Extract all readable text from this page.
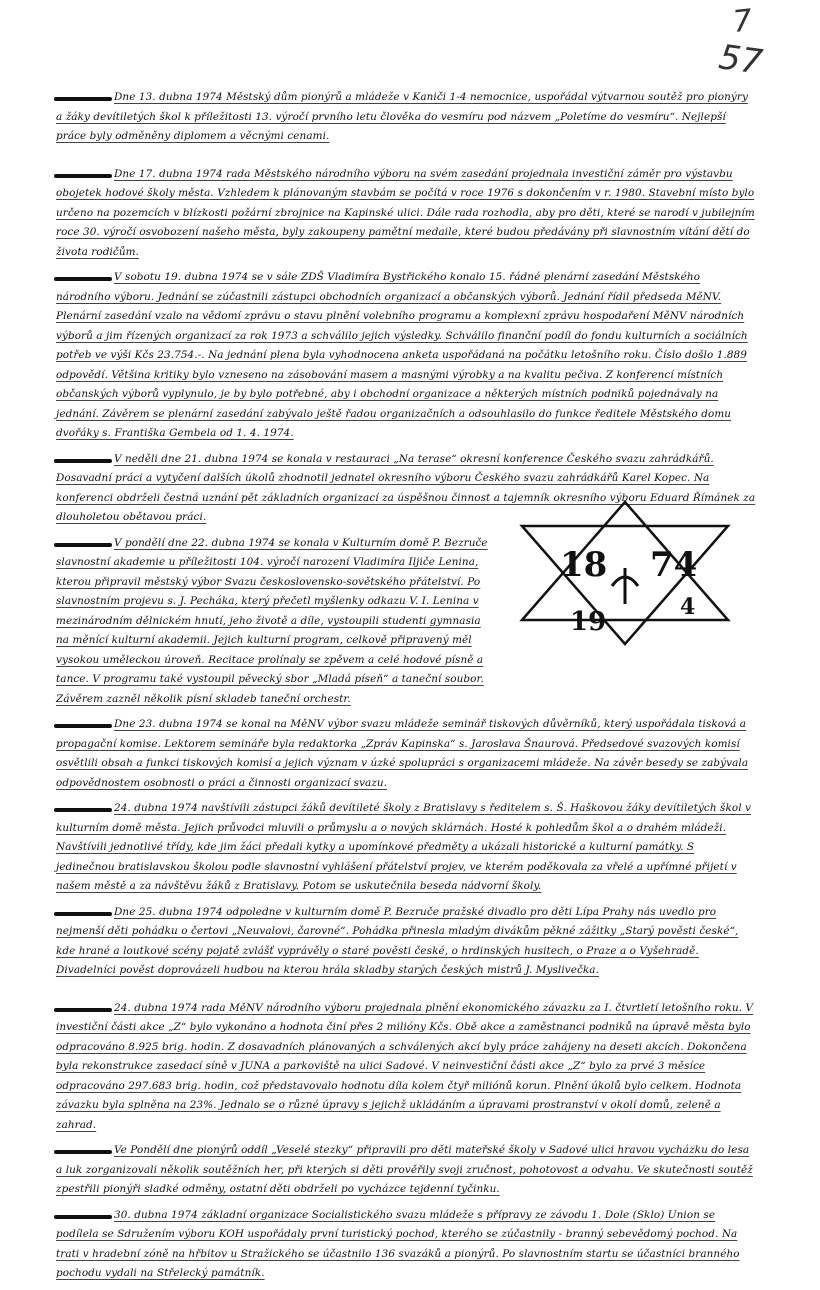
7
57
Dne 13. dubna 1974 Městský dům pionýrů a mládeže v Kaniči 1-4 nemocnice, uspořádal výtvarnou soutěž pro pionýry a žáky devítiletých škol k příležitosti 13. výročí prvního letu člověka do vesmíru pod názvem „Poletíme do vesmíru“. Nejlepší práce byly odměněny diplomem a věcnými cenami.
Dne 17. dubna 1974 rada Městského národního výboru na svém zasedání projednala investiční záměr pro výstavbu obojetek hodové školy města. Vzhledem k plánovaným stavbám se počítá v roce 1976 s dokončením v r. 1980. Stavební místo bylo určeno na pozemcích v blízkosti požární zbrojnice na Kapinské ulici. Dále rada rozhodla, aby pro děti, které se narodí v jubilejním roce 30. výročí osvobození našeho města, byly zakoupeny pamětní medaile, které budou předávány při slavnostním vítání dětí do života rodičům.
V sobotu 19. dubna 1974 se v sále ZDŠ Vladimíra Bystřického konalo 15. řádné plenární zasedání Městského národního výboru. Jednání se zúčastnili zástupci obchodních organizací a občanských výborů. Jednání řídil předseda MěNV. Plenární zasedání vzalo na vědomí zprávu o stavu plnění volebního programu a komplexní zprávu hospodaření MěNV národních výborů a jim řízených organizací za rok 1973 a schválilo jejich výsledky. Schválilo finanční podíl do fondu kulturních a sociálních potřeb ve výši Kčs 23.754.-. Na jednání plena byla vyhodnocena anketa uspořádaná na počátku letošního roku. Číslo došlo 1.889 odpovědí. Většina kritiky bylo vzneseno na zásobování masem a masnými výrobky a na kvalitu pečiva. Z konferencí místních občanských výborů vyplynulo, je by bylo potřebné, aby i obchodní organizace a některých místních podniků pojednávaly na jednání. Závěrem se plenární zasedání zabývalo ještě řadou organizačních a odsouhlasilo do funkce ředitele Městského domu dvořáky s. Františka Gembela od 1. 4. 1974.
V neděli dne 21. dubna 1974 se konala v restauraci „Na terase“ okresní konference Českého svazu zahrádkářů. Dosavadní práci a vytyčení dalších úkolů zhodnotil jednatel okresního výboru Českého svazu zahrádkářů Karel Kopec. Na konferenci obdrželi čestná uznání pět základních organizací za úspěšnou činnost a tajemník okresního výboru Eduard Římánek za dlouholetou obětavou práci.
V pondělí dne 22. dubna 1974 se konala v Kulturním domě P. Bezruče slavnostní akademie u příležitosti 104. výročí narození Vladimíra Iljiče Lenina, kterou připravil městský výbor Svazu československo-sovětského přátelství. Po slavnostním projevu s. J. Pecháka, který přečetl myšlenky odkazu V. I. Lenina v mezinárodním dělnickém hnutí, jeho životě a díle, vystoupili studenti gymnasia na měnící kulturní akademii. Jejich kulturní program, celkově připravený měl vysokou uměleckou úroveň. Recitace prolínaly se zpěvem a celé hodové písně a tance. V programu také vystoupil pěvecký sbor „Mladá píseň“ a taneční soubor. Závěrem zazněl několik písní skladeb taneční orchestr.
Dne 23. dubna 1974 se konal na MěNV výbor svazu mládeže seminář tiskových důvěrníků, který uspořádala tisková a propagační komise. Lektorem semináře byla redaktorka „Zpráv Kapinska“ s. Jaroslava Šnaurová. Předsedové svazových komisí osvětlili obsah a funkci tiskových komisí a jejich význam v úzké spolupráci s organizacemi mládeže. Na závěr besedy se zabývala odpovědnostem osobnosti o práci a činnosti organizací svazu.
24. dubna 1974 navštívili zástupci žáků devítileté školy z Bratislavy s ředitelem s. Š. Haškovou žáky devítiletých škol v kulturním domě města. Jejich průvodci mluvili o průmyslu a o nových sklárnách. Hosté k pohledům škol a o drahém mládeži. Navštívili jednotlivé třídy, kde jim žáci předali kytky a upomínkové předměty a ukázali historické a kulturní památky. S jedinečnou bratislavskou školou podle slavnostní vyhlášení přátelství projev, ve kterém poděkovala za vřelé a upřímné přijetí v našem městě a za návštěvu žáků z Bratislavy. Potom se uskutečnila beseda nádvorní školy.
Dne 25. dubna 1974 odpoledne v kulturním domě P. Bezruče pražské divadlo pro děti Lípa Prahy nás uvedlo pro nejmenší děti pohádku o čertovi „Neuvalovi, čarovné“. Pohádka přinesla mladým divákům pěkné zážitky „Starý pověsti české“, kde hrané a loutkové scény pojatě zvlášť vyprávěly o staré pověsti české, o hrdinských husitech, o Praze a o Vyšehradě. Divadelníci pověst doprovázeli hudbou na kterou hrála skladby starých českých mistrů J. Myslivečka.
24. dubna 1974 rada MěNV národního výboru projednala plnění ekonomického závazku za I. čtvrtletí letošního roku. V investiční části akce „Z“ bylo vykonáno a hodnota činí přes 2 milióny Kčs. Obě akce a zaměstnanci podniků na úpravě města bylo odpracováno 8.925 brig. hodin. Z dosavadních plánovaných a schválených akcí byly práce zahájeny na deseti akcích. Dokončena byla rekonstrukce zasedací síně v JUNA a parkoviště na ulici Sadové. V neinvestiční části akce „Z“ bylo za prvé 3 měsíce odpracováno 297.683 brig. hodin, což představovalo hodnotu díla kolem čtyř miliónů korun. Plnění úkolů bylo celkem. Hodnota závazku byla splněna na 23%. Jednalo se o různé úpravy s jejichž ukládáním a úpravami prostranství v okolí domů, zeleně a zahrad.
Ve Pondělí dne pionýrů oddíl „Veselé stezky“ připravili pro děti mateřské školy v Sadové ulici hravou vycházku do lesa a luk zorganizovali několik soutěžních her, při kterých si děti prověřily svoji zručnost, pohotovost a odvahu. Ve skutečnosti soutěž zpestřili pionýři sladké odměny, ostatní děti obdrželi po vycházce tejdenní tyčinku.
30. dubna 1974 základní organizace Socialistického svazu mládeže s přípravy ze závodu 1. Dole (Sklo) Union se podílela se Sdružením výboru KOH uspořádaly první turistický pochod, kterého se zúčastnily - branný sebevědomý pochod. Na trati v hradební zóně na hřbitov u Stražického se účastnilo 136 svazáků a pionýrů. Po slavnostním startu se účastníci branného pochodu vydali na Střelecký památník.
18 74
19	4
